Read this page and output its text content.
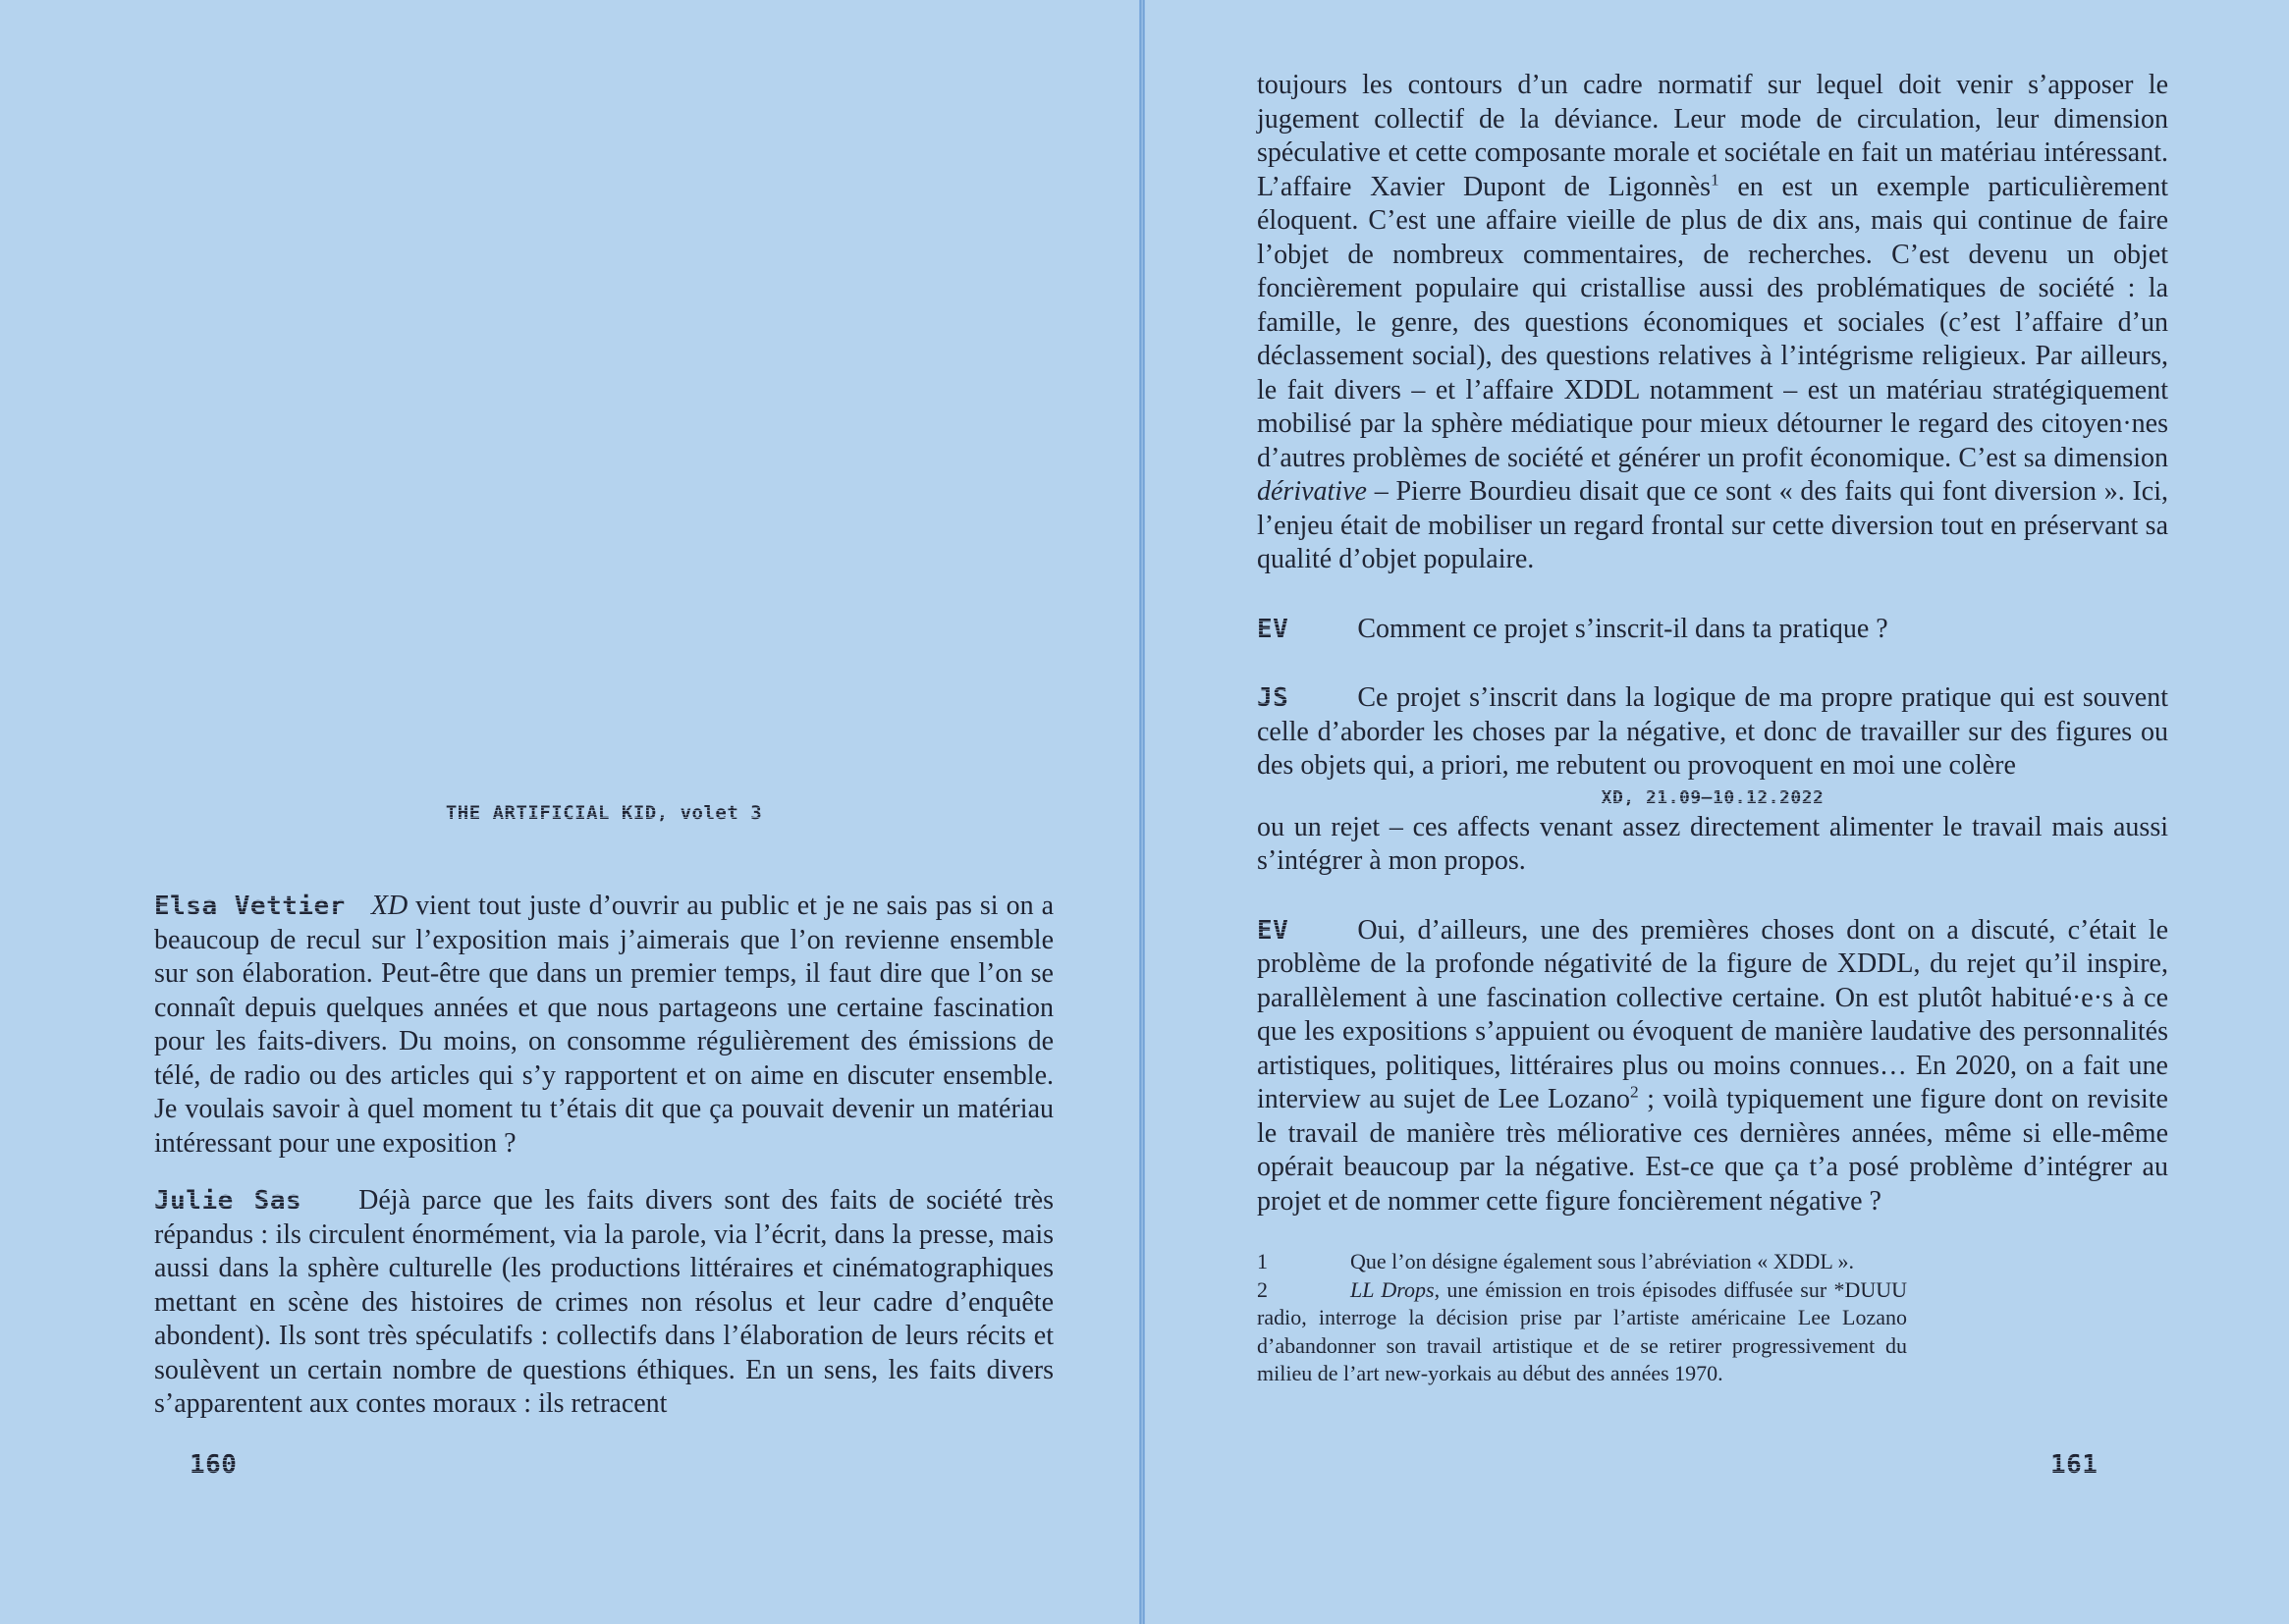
THE ARTIFICIAL KID, volet 3

Elsa Vettier XD vient tout juste d’ouvrir au public et je ne sais pas si on a beaucoup de recul sur l’exposition mais j’aimerais que l’on revienne ensemble sur son élaboration. Peut-être que dans un premier temps, il faut dire que l’on se connaît depuis quelques années et que nous partageons une certaine fascination pour les faits-divers. Du moins, on consomme régulièrement des émissions de télé, de radio ou des articles qui s’y rapportent et on aime en discuter ensemble. Je voulais savoir à quel moment tu t’étais dit que ça pouvait devenir un matériau intéressant pour une exposition ?

Julie Sas Déjà parce que les faits divers sont des faits de société très répandus : ils circulent énormément, via la parole, via l’écrit, dans la presse, mais aussi dans la sphère culturelle (les productions littéraires et cinématographiques mettant en scène des histoires de crimes non résolus et leur cadre d’enquête abondent). Ils sont très spéculatifs : collectifs dans l’élaboration de leurs récits et soulèvent un certain nombre de questions éthiques. En un sens, les faits divers s’apparentent aux contes moraux : ils retracent

160

toujours les contours d’un cadre normatif sur lequel doit venir s’apposer le jugement collectif de la déviance. Leur mode de circulation, leur dimension spéculative et cette composante morale et sociétale en fait un matériau intéressant. L’affaire Xavier Dupont de Ligonnès$^1$ en est un exemple particulièrement éloquent. C’est une affaire vieille de plus de dix ans, mais qui continue de faire l’objet de nombreux commentaires, de recherches. C’est devenu un objet foncièrement populaire qui cristallise aussi des problématiques de société : la famille, le genre, des questions économiques et sociales (c’est l’affaire d’un déclassement social), des questions relatives à l’intégrisme religieux. Par ailleurs, le fait divers – et l’affaire XDDL notamment – est un matériau stratégiquement mobilisé par la sphère médiatique pour mieux détourner le regard des citoyen·nes d’autres problèmes de société et générer un profit économique. C’est sa dimension dérivative – Pierre Bourdieu disait que ce sont « des faits qui font diversion ». Ici, l’enjeu était de mobiliser un regard frontal sur cette diversion tout en préservant sa qualité d’objet populaire.

EV	Comment ce projet s’inscrit-il dans ta pratique ?

JS	Ce projet s’inscrit dans la logique de ma propre pratique qui est souvent celle d’aborder les choses par la négative, et donc de travailler sur des figures ou des objets qui, a priori, me rebutent ou provoquent en moi une colère

XD, 21.09–10.12.2022

ou un rejet – ces affects venant assez directement alimenter le travail mais aussi s’intégrer à mon propos.

EV	Oui, d’ailleurs, une des premières choses dont on a discuté, c’était le problème de la profonde négativité de la figure de XDDL, du rejet qu’il inspire, parallèlement à une fascination collective certaine. On est plutôt habitué·e·s à ce que les expositions s’appuient ou évoquent de manière laudative des personnalités artistiques, politiques, littéraires plus ou moins connues… En 2020, on a fait une interview au sujet de Lee Lozano$^2$ ; voilà typiquement une figure dont on revisite le travail de manière très méliorative ces dernières années, même si elle-même opérait beaucoup par la négative. Est-ce que ça t’a posé problème d’intégrer au projet et de nommer cette figure foncièrement négative ?

1	Que l’on désigne également sous l’abréviation « XDDL ».
2	LL Drops, une émission en trois épisodes diffusée sur *DUUU radio, interroge la décision prise par l’artiste américaine Lee Lozano d’abandonner son travail artistique et de se retirer progressivement du milieu de l’art new-yorkais au début des années 1970.
161
